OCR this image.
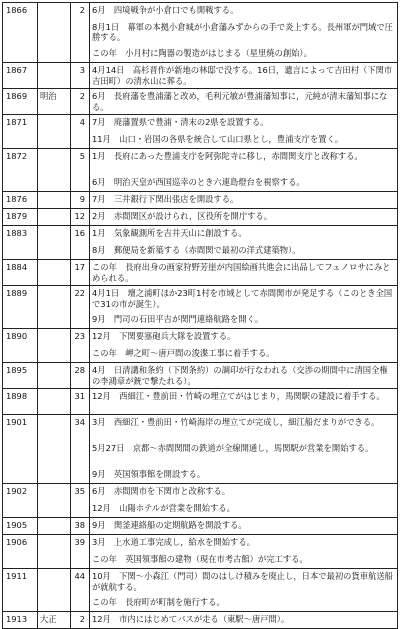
1866		2	6月　四境戦争が小倉口でも開戦する。
			8月1日　幕軍の本拠小倉城が小倉藩みずからの手で炎上する。長州軍が門域で圧勝する。
			この年　小月村に陶器の製造がはじまる（星里焼の創始）。
1867		3	4月14日　高杉晋作が新地の林邸で没する。16日，遺言によって吉田村（下関市吉田町）の清水山に葬る。
1869	明治	2	6月　長府藩を豊浦藩と改め，毛利元敏が豊浦藩知事に，元純が清末藩知事になる。
1871		4	7月　廃藩置県で豊浦・清末の2県を設置する。
			11月　山口・岩国の各県を統合して山口県とし，豊浦支庁を置く。
1872		5	1月　長府にあった豊浦支庁を阿弥陀寺に移し，赤間関支庁と改称する。
			6月　明治天皇が西国巡幸のとき六連島燈台を視察する。
1876		9	7月　三井銀行下関出張店を開設する。
1879		12	2月　赤間関区が設けられ，区役所を開庁する。
1883		16	1月　気象観測所を吉井天山に創設する。
			8月　郵便局を新築する（赤間関で最初の洋式建築物）。
1884		17	この年　長府出身の画家狩野芳崖が内国絵画共進会に出品してフェノロサにみとめられる。
1889		22	4月1日　壇之浦町ほか23町1村を市域として赤間関市が発足する（このとき全国で31の市が誕生）。
			9月　門司の石田平吉が関門連絡航路を開く。
1890		23	12月　下関要塞砲兵大隊を設置する。
			この年　岬之町～唐戸間の浚渫工事に着手する。
1895		28	4月　日清講和条約（下関条約）の調印が行なわれる（交渉の期間中に清国全権の李鴻章が銃で撃たれる）。
1898		31	12月　西細江・豊前田・竹崎の埋立てがはじまり，馬関駅の建設に着手する。
1901		34	3月　西細江・豊前田・竹崎海岸の埋立てが完成し，細江船だまりができる。
			5月27日　京都～赤間関間の鉄道が全線開通し，馬関駅が営業を開始する。
			9月　英国領事館を開設する。
1902		35	6月　赤間関市を下関市と改称する。
			12月　山陽ホテルが営業を開始する。
1905		38	9月　関釜連絡船の定期航路を開設する。
1906		39	3月　上水道工事完成し，給水を開始する。
			この年　英国領事館の建物（現在市考古館）が完工する。
1911		44	10月　下関～小森江（門司）間のはしけ積みを廃止し，日本で最初の貨車航送船が就航する。
			この年　長府町が町制を施行する。
1913	大正	2	12月　市内にはじめてバスが走る（東駅～唐戸間）。
